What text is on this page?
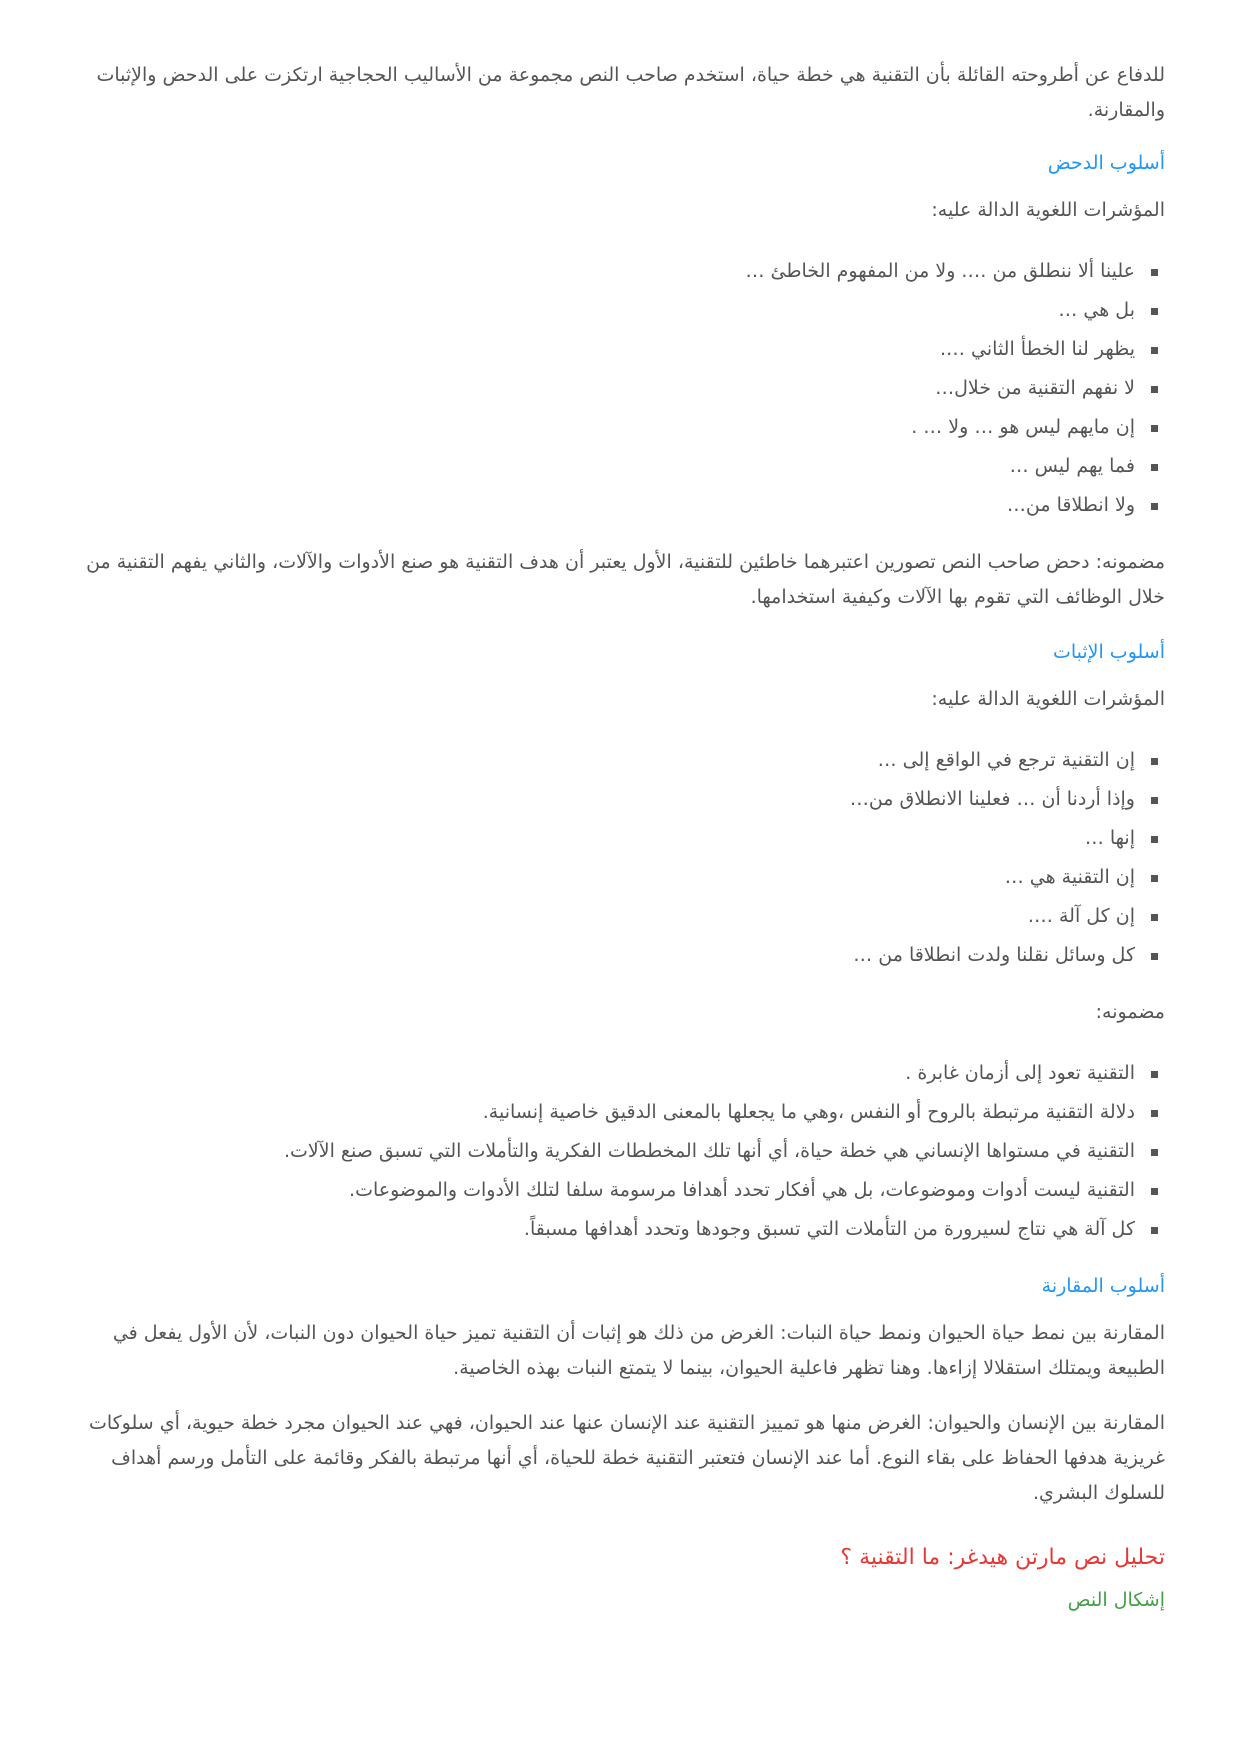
للدفاع عن أطروحته القائلة بأن التقنية هي خطة حياة، استخدم صاحب النص مجموعة من الأساليب الحجاجية ارتكزت على الدحض والإثبات والمقارنة.

أسلوب الدحض

المؤشرات اللغوية الدالة عليه:

علينا ألا ننطلق من …. ولا من المفهوم الخاطئ …
بل هي …
يظهر لنا الخطأ الثاني ….
لا نفهم التقنية من خلال…
إن مايهم ليس هو … ولا … .
فما يهم ليس …
ولا انطلاقا من…

مضمونه: دحض صاحب النص تصورين اعتبرهما خاطئين للتقنية، الأول يعتبر أن هدف التقنية هو صنع الأدوات والآلات، والثاني يفهم التقنية من خلال الوظائف التي تقوم بها الآلات وكيفية استخدامها.

أسلوب الإثبات

المؤشرات اللغوية الدالة عليه:

إن التقنية ترجع في الواقع إلى …
وإذا أردنا أن … فعلينا الانطلاق من…
إنها …
إن التقنية هي …
إن كل آلة ….
كل وسائل نقلنا ولدت انطلاقا من …

مضمونه:

التقنية تعود إلى أزمان غابرة .
دلالة التقنية مرتبطة بالروح أو النفس ،وهي ما يجعلها بالمعنى الدقيق خاصية إنسانية.
التقنية في مستواها الإنساني هي خطة حياة، أي أنها تلك المخططات الفكرية والتأملات التي تسبق صنع الآلات.
التقنية ليست أدوات وموضوعات، بل هي أفكار تحدد أهدافا مرسومة سلفا لتلك الأدوات والموضوعات.
كل آلة هي نتاج لسيرورة من التأملات التي تسبق وجودها وتحدد أهدافها مسبقاً.
أسلوب المقارنة

المقارنة بين نمط حياة الحيوان ونمط حياة النبات: الغرض من ذلك هو إثبات أن التقنية تميز حياة الحيوان دون النبات، لأن الأول يفعل في الطبيعة ويمتلك استقلالا إزاءها. وهنا تظهر فاعلية الحيوان، بينما لا يتمتع النبات بهذه الخاصية.

المقارنة بين الإنسان والحيوان: الغرض منها هو تمييز التقنية عند الإنسان عنها عند الحيوان، فهي عند الحيوان مجرد خطة حيوية، أي سلوكات غريزية هدفها الحفاظ على بقاء النوع. أما عند الإنسان فتعتبر التقنية خطة للحياة، أي أنها مرتبطة بالفكر وقائمة على التأمل ورسم أهداف للسلوك البشري.

تحليل نص مارتن هيدغر: ما التقنية ؟
إشكال النص
